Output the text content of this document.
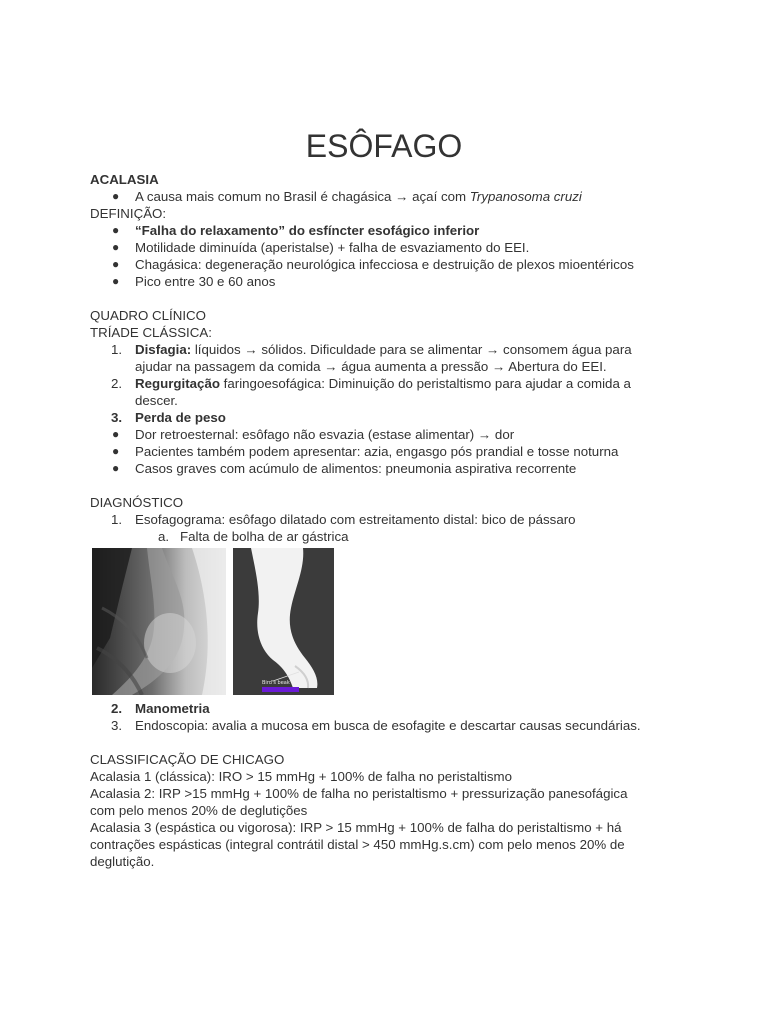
ESÔFAGO

ACALASIA

● A causa mais comum no Brasil é chagásica → açaí com Trypanosoma cruzi

DEFINIÇÃO:

● “Falha do relaxamento” do esfíncter esofágico inferior
● Motilidade diminuída (aperistalse) + falha de esvaziamento do EEI.
● Chagásica: degeneração neurológica infecciosa e destruição de plexos mioentéricos
● Pico entre 30 e 60 anos

QUADRO CLÍNICO

TRÍADE CLÁSSICA:

1. Disfagia: líquidos → sólidos. Dificuldade para se alimentar → consomem água para
ajudar na passagem da comida → água aumenta a pressão → Abertura do EEI.
2. Regurgitação faringoesofágica: Diminuição do peristaltismo para ajudar a comida a
descer.
3. Perda de peso
● Dor retroesternal: esôfago não esvazia (estase alimentar) → dor
● Pacientes também podem apresentar: azia, engasgo pós prandial e tosse noturna
● Casos graves com acúmulo de alimentos: pneumonia aspirativa recorrente

DIAGNÓSTICO

1. Esofagograma: esôfago dilatado com estreitamento distal: bico de pássaro
a. Falta de bolha de ar gástrica
Bird's beak
2. Manometria
3. Endoscopia: avalia a mucosa em busca de esofagite e descartar causas secundárias.

CLASSIFICAÇÃO DE CHICAGO

Acalasia 1 (clássica): IRO > 15 mmHg + 100% de falha no peristaltismo

Acalasia 2: IRP >15 mmHg + 100% de falha no peristaltismo + pressurização panesofágica

com pelo menos 20% de deglutições

Acalasia 3 (espástica ou vigorosa): IRP > 15 mmHg + 100% de falha do peristaltismo + há

contrações espásticas (integral contrátil distal > 450 mmHg.s.cm) com pelo menos 20% de

deglutição.
